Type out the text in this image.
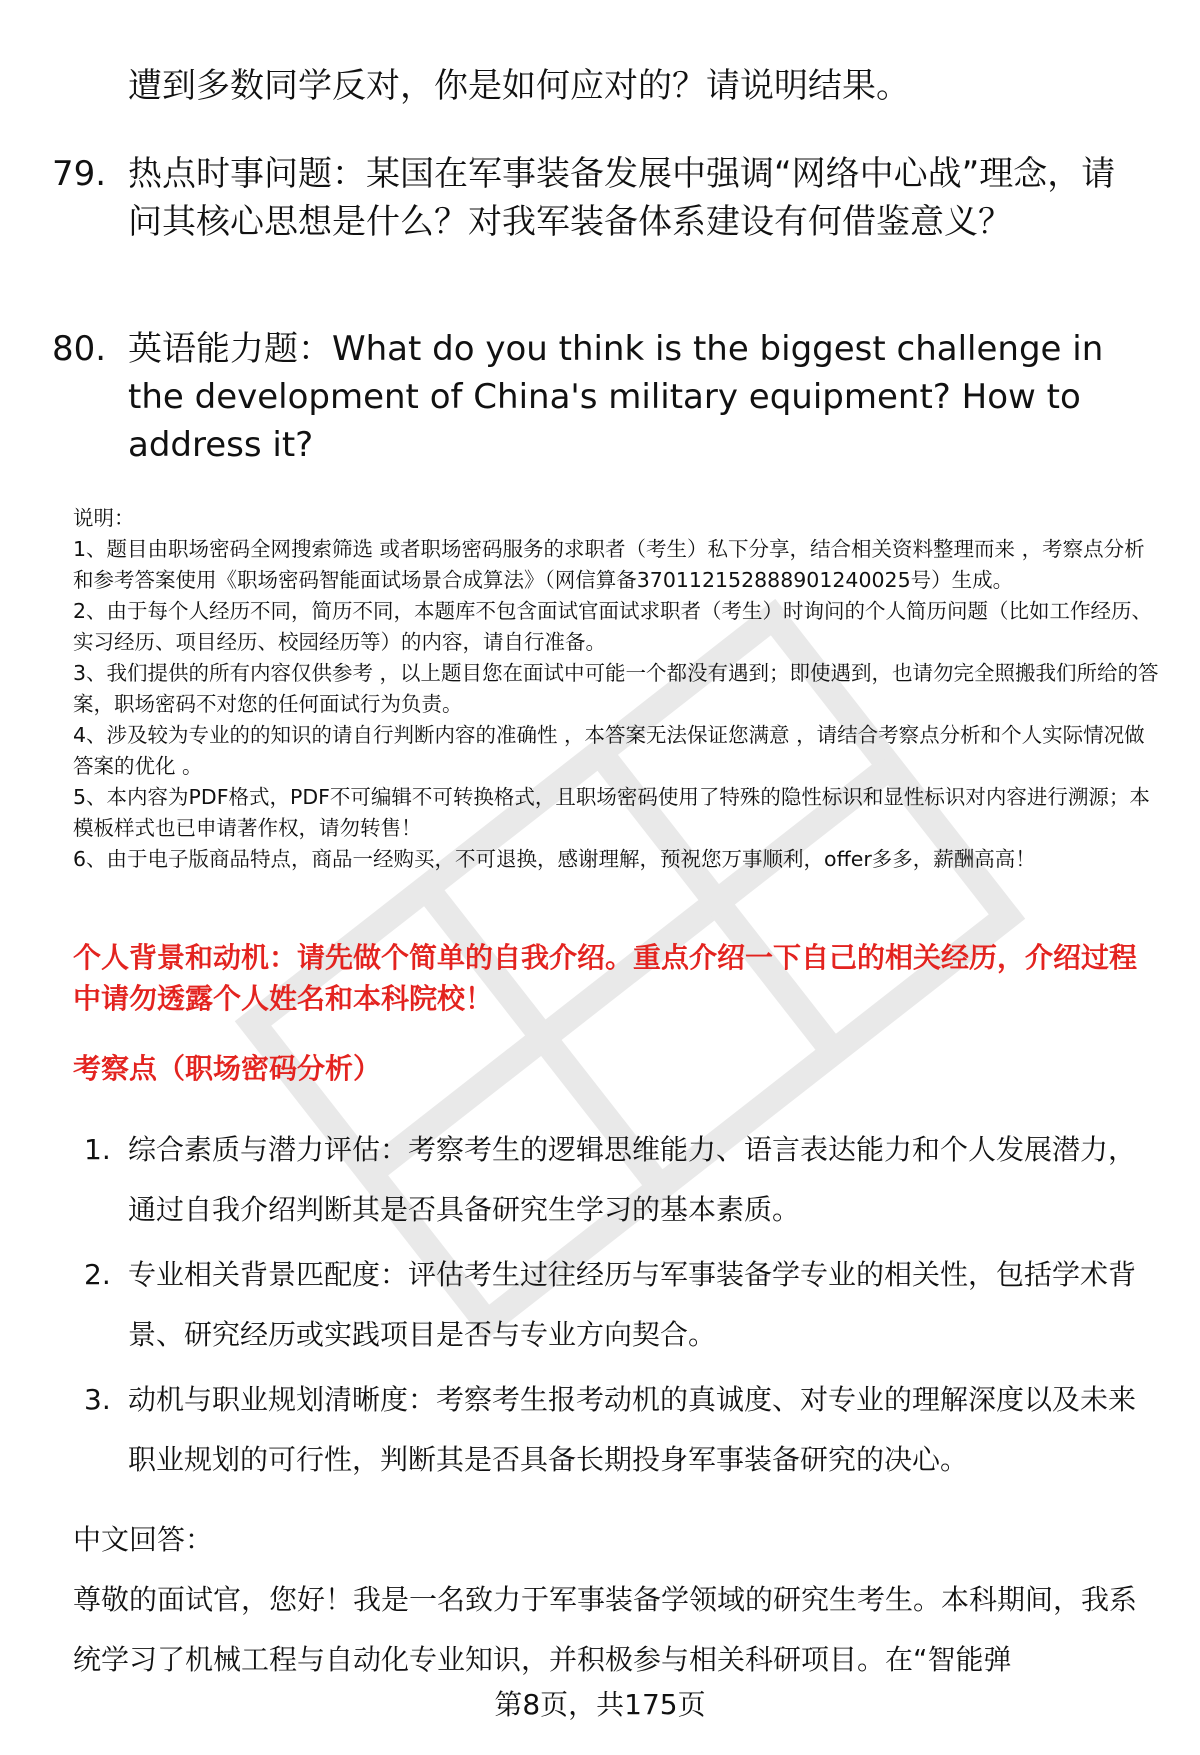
遭到多数同学反对，你是如何应对的？请说明结果。
79. 热点时事问题：某国在军事装备发展中强调“网络中心战”理念，请问其核心思想是什么？对我军装备体系建设有何借鉴意义？
80. 英语能力题：What do you think is the biggest challenge in the development of China's military equipment? How to address it?
说明：
1、题目由职场密码全网搜索筛选 或者职场密码服务的求职者（考生）私下分享，结合相关资料整理而来 ，考察点分析和参考答案使用《职场密码智能面试场景合成算法》（网信算备370112152888901240025号）生成。
2、由于每个人经历不同，简历不同，本题库不包含面试官面试求职者（考生）时询问的个人简历问题（比如工作经历、实习经历、项目经历、校园经历等）的内容，请自行准备。
3、我们提供的所有内容仅供参考 ，以上题目您在面试中可能一个都没有遇到；即使遇到，也请勿完全照搬我们所给的答案，职场密码不对您的任何面试行为负责。
4、涉及较为专业的的知识的请自行判断内容的准确性 ，本答案无法保证您满意 ，请结合考察点分析和个人实际情况做答案的优化 。
5、本内容为PDF格式，PDF不可编辑不可转换格式，且职场密码使用了特殊的隐性标识和显性标识对内容进行溯源；本模板样式也已申请著作权，请勿转售！
6、由于电子版商品特点，商品一经购买，不可退换，感谢理解，预祝您万事顺利，offer多多，薪酬高高！
个人背景和动机：请先做个简单的自我介绍。重点介绍一下自己的相关经历，介绍过程中请勿透露个人姓名和本科院校！
考察点（职场密码分析）
1. 综合素质与潜力评估：考察考生的逻辑思维能力、语言表达能力和个人发展潜力，通过自我介绍判断其是否具备研究生学习的基本素质。
2. 专业相关背景匹配度：评估考生过往经历与军事装备学专业的相关性，包括学术背景、研究经历或实践项目是否与专业方向契合。
3. 动机与职业规划清晰度：考察考生报考动机的真诚度、对专业的理解深度以及未来职业规划的可行性，判断其是否具备长期投身军事装备研究的决心。
中文回答：
尊敬的面试官，您好！我是一名致力于军事装备学领域的研究生考生。本科期间，我系统学习了机械工程与自动化专业知识，并积极参与相关科研项目。在“智能弹
第8页，共175页
